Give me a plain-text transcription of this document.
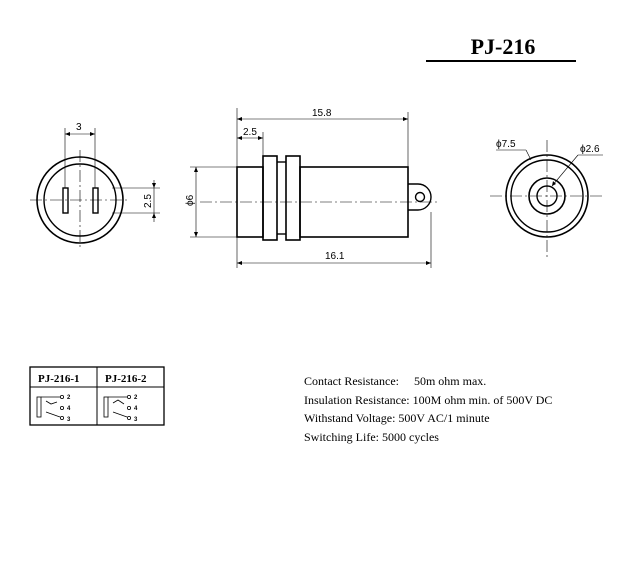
3
2.5
15.8
2.5
ϕ6
16.1
ϕ7.5	ϕ2.6
PJ-216-1 PJ-216-2
2
4
3
2
4
3
PJ-216
Contact Resistance:     50m ohm max.
Insulation Resistance: 100M ohm min. of 500V DC
Withstand Voltage: 500V AC/1 minute
Switching Life: 5000 cycles
